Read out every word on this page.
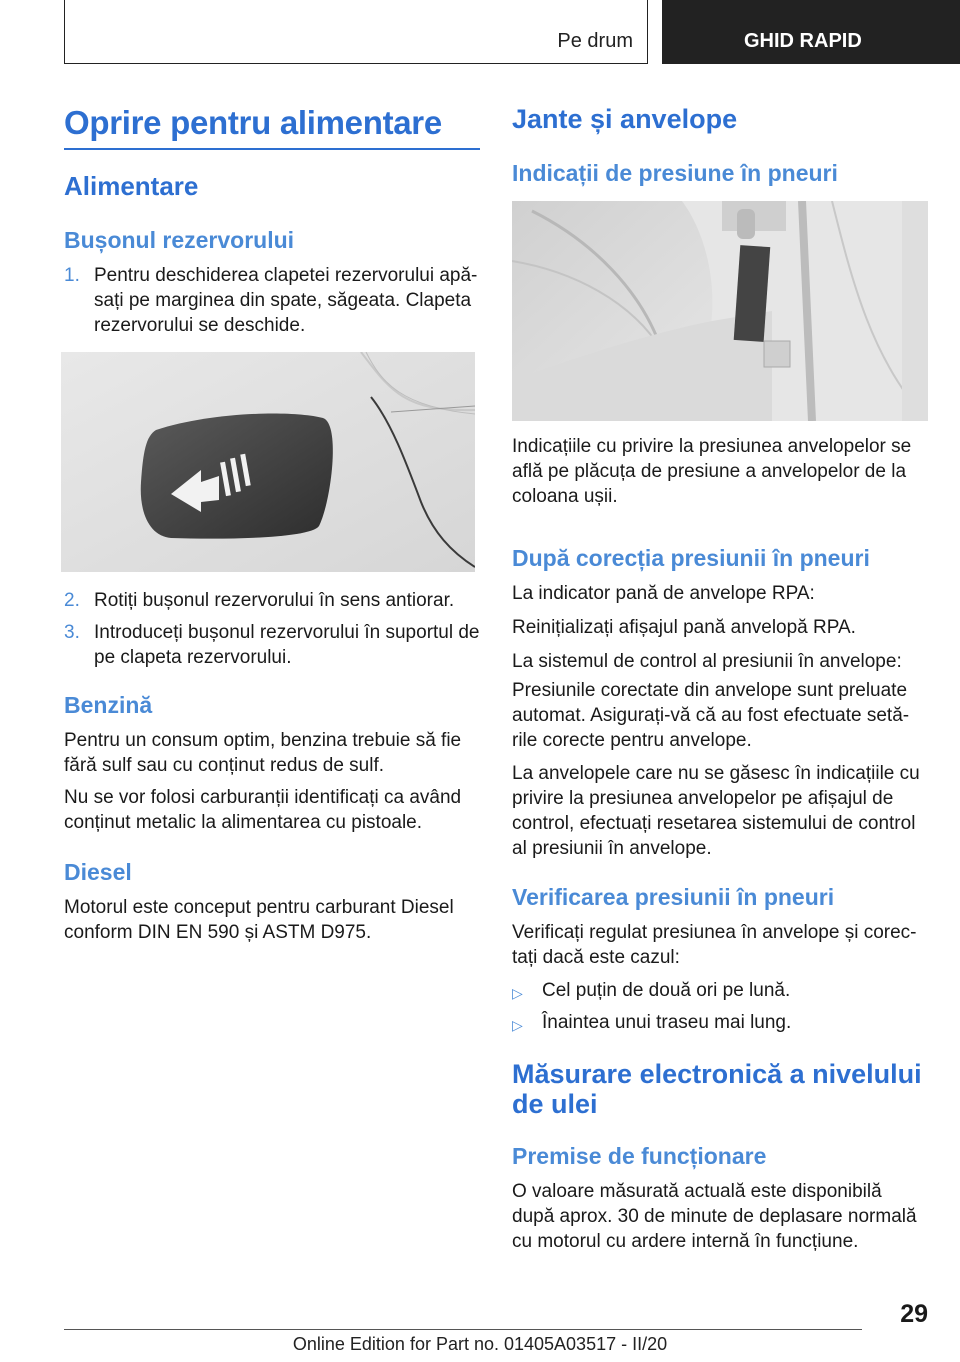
Pe drum	GHID RAPID
Oprire pentru alimentare
Alimentare
Bușonul rezervorului
1. Pentru deschiderea clapetei rezervorului apă-sați pe marginea din spate, săgeata. Clapeta rezervorului se deschide.
2. Rotiți bușonul rezervorului în sens antiorar.
3. Introduceți bușonul rezervorului în suportul de pe clapeta rezervorului.
Benzină
Pentru un consum optim, benzina trebuie să fie fără sulf sau cu conținut redus de sulf.
Nu se vor folosi carburanții identificați ca având conținut metalic la alimentarea cu pistoale.
Diesel
Motorul este conceput pentru carburant Diesel conform DIN EN 590 și ASTM D975.
Jante și anvelope
Indicații de presiune în pneuri
Indicațiile cu privire la presiunea anvelopelor se află pe plăcuța de presiune a anvelopelor de la coloana ușii.
După corecția presiunii în pneuri
La indicator pană de anvelope RPA:
Reinițializați afișajul pană anvelopă RPA.
La sistemul de control al presiunii în anvelope:
Presiunile corectate din anvelope sunt preluate automat. Asigurați-vă că au fost efectuate setă-rile corecte pentru anvelope.
La anvelopele care nu se găsesc în indicațiile cu privire la presiunea anvelopelor pe afișajul de control, efectuați resetarea sistemului de control al presiunii în anvelope.
Verificarea presiunii în pneuri
Verificați regulat presiunea în anvelope și corec-tați dacă este cazul:
▷ Cel puțin de două ori pe lună.
▷ Înaintea unui traseu mai lung.
Măsurare electronică a nivelului de ulei
Premise de funcționare
O valoare măsurată actuală este disponibilă după aprox. 30 de minute de deplasare normală cu motorul cu ardere internă în funcțiune.
29
Online Edition for Part no. 01405A03517 - II/20
